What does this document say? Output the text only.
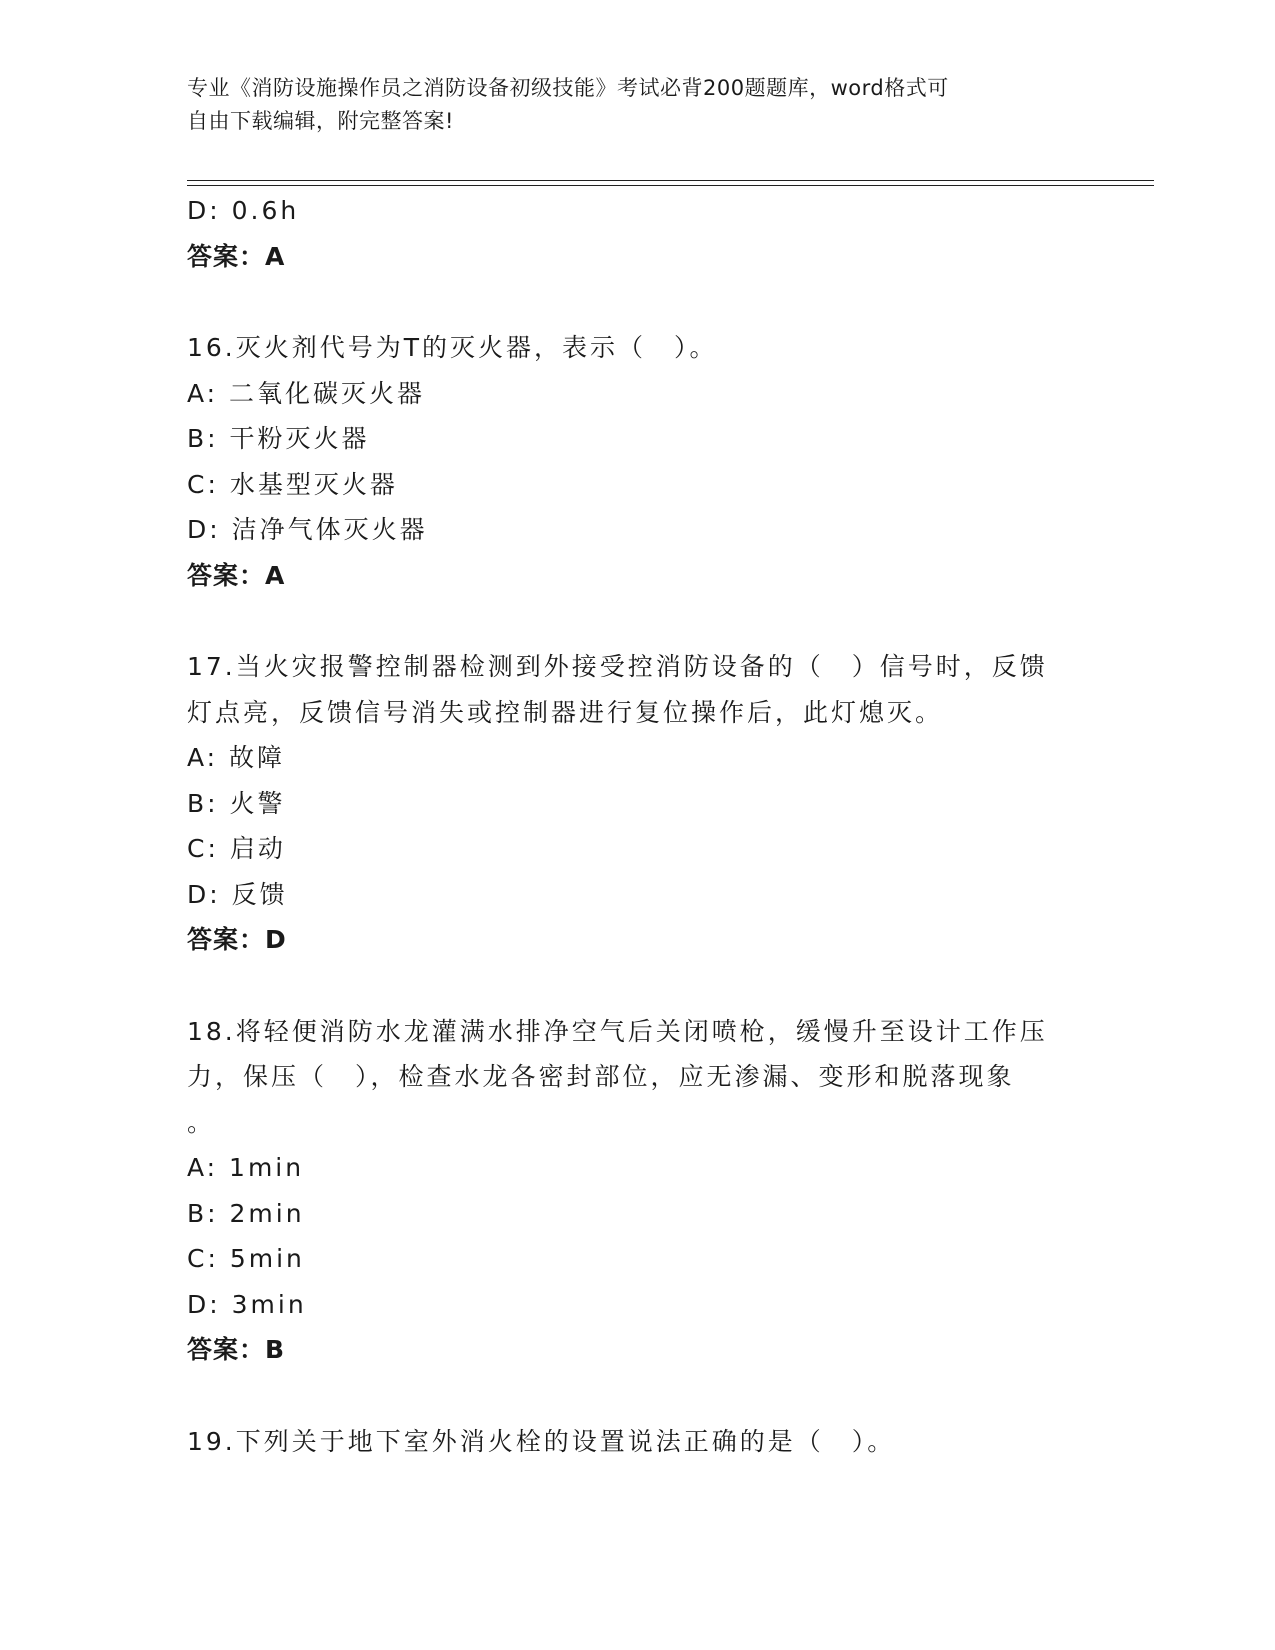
专业《消防设施操作员之消防设备初级技能》考试必背200题题库，word格式可
自由下载编辑，附完整答案!
D: 0.6h
答案：A
16.灭火剂代号为T的灭火器，表示（　）。
A: 二氧化碳灭火器
B: 干粉灭火器
C: 水基型灭火器
D: 洁净气体灭火器
答案：A
17.当火灾报警控制器检测到外接受控消防设备的（　）信号时，反馈
灯点亮，反馈信号消失或控制器进行复位操作后，此灯熄灭。
A: 故障
B: 火警
C: 启动
D: 反馈
答案：D
18.将轻便消防水龙灌满水排净空气后关闭喷枪，缓慢升至设计工作压
力，保压（　），检查水龙各密封部位，应无渗漏、变形和脱落现象
。
A: 1min
B: 2min
C: 5min
D: 3min
答案：B
19.下列关于地下室外消火栓的设置说法正确的是（　）。
